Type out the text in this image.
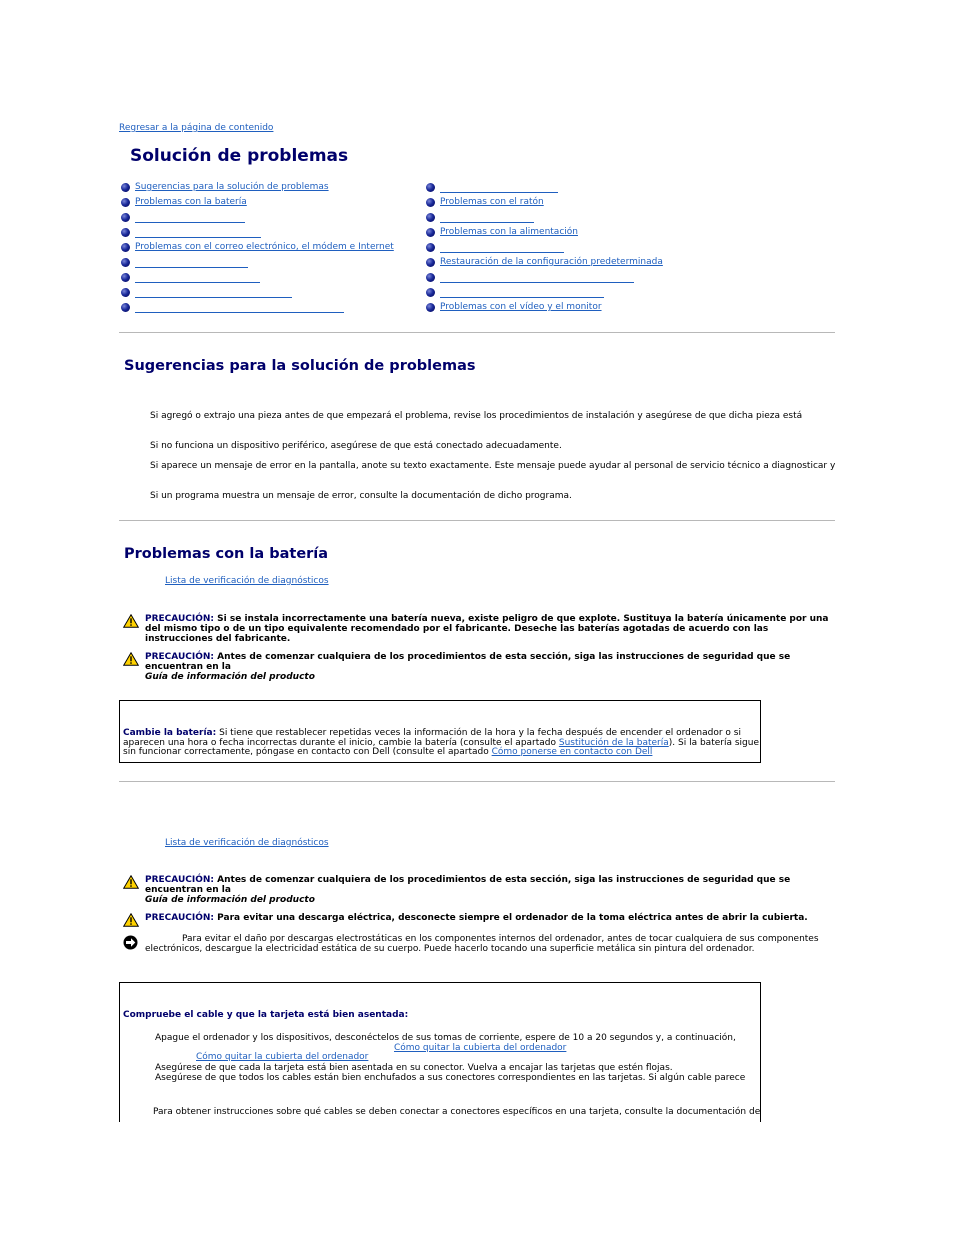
Regresar a la página de contenido
Solución de problemas
Sugerencias para la solución de problemas
Problemas con la batería
Problemas con el correo electrónico, el módem e Internet
Problemas con el ratón
Problemas con la alimentación
Restauración de la configuración predeterminada
Problemas con el vídeo y el monitor
Sugerencias para la solución de problemas
Si agregó o extrajo una pieza antes de que empezará el problema, revise los procedimientos de instalación y asegúrese de que dicha pieza está
Si no funciona un dispositivo periférico, asegúrese de que está conectado adecuadamente.
Si aparece un mensaje de error en la pantalla, anote su texto exactamente. Este mensaje puede ayudar al personal de servicio técnico a diagnosticar y
Si un programa muestra un mensaje de error, consulte la documentación de dicho programa.
Problemas con la batería
Lista de verificación de diagnósticos
PRECAUCIÓN: Si se instala incorrectamente una batería nueva, existe peligro de que explote. Sustituya la batería únicamente por una del mismo tipo o de un tipo equivalente recomendado por el fabricante. Deseche las baterías agotadas de acuerdo con las instrucciones del fabricante.
PRECAUCIÓN: Antes de comenzar cualquiera de los procedimientos de esta sección, siga las instrucciones de seguridad que se encuentran en la
Guía de información del producto
Cambie la batería: Si tiene que restablecer repetidas veces la información de la hora y la fecha después de encender el ordenador o si aparecen una hora o fecha incorrectas durante el inicio, cambie la batería (consulte el apartado Sustitución de la batería). Si la batería sigue sin funcionar correctamente, póngase en contacto con Dell (consulte el apartado Cómo ponerse en contacto con Dell
Lista de verificación de diagnósticos
PRECAUCIÓN: Antes de comenzar cualquiera de los procedimientos de esta sección, siga las instrucciones de seguridad que se encuentran en la
Guía de información del producto
PRECAUCIÓN: Para evitar una descarga eléctrica, desconecte siempre el ordenador de la toma eléctrica antes de abrir la cubierta.
Para evitar el daño por descargas electrostáticas en los componentes internos del ordenador, antes de tocar cualquiera de sus componentes
electrónicos, descargue la electricidad estática de su cuerpo. Puede hacerlo tocando una superficie metálica sin pintura del ordenador.
Compruebe el cable y que la tarjeta está bien asentada:
Apague el ordenador y los dispositivos, desconéctelos de sus tomas de corriente, espere de 10 a 20 segundos y, a continuación,
Cómo quitar la cubierta del ordenador
Cómo quitar la cubierta del ordenador
Asegúrese de que cada la tarjeta está bien asentada en su conector. Vuelva a encajar las tarjetas que estén flojas.
Asegúrese de que todos los cables están bien enchufados a sus conectores correspondientes en las tarjetas. Si algún cable parece
Para obtener instrucciones sobre qué cables se deben conectar a conectores específicos en una tarjeta, consulte la documentación de
